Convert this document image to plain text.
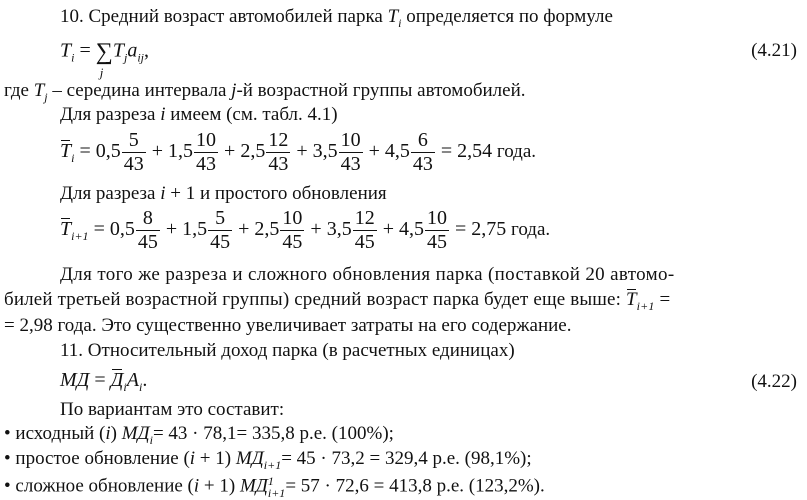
10. Средний возраст автомобилей парка $T_i$ определяется по формуле
$T_i$ = ∑
j
$T_ja_{ij}$,	(4.21)
где $T_j$ – середина интервала j-й возрастной группы автомобилей.
Для разреза i имеем (см. табл. 4.1)
$T_i = 0,5 \frac{5}{43} + 1,5 \frac{10}{43} + 2,5 \frac{12}{43} + 3,5 \frac{10}{43} + 4,5 \frac{6}{43} = 2,54$ года.
Для разреза i + 1 и простого обновления
$T_{i+1} = 0,5 \frac{8}{45} + 1,5 \frac{5}{45} + 2,5 \frac{10}{45} + 3,5 \frac{12}{45} + 4,5 \frac{10}{45} = 2,75$ года.
Для того же разреза и сложного обновления парка (поставкой 20 автомо-
билей третьей возрастной группы) средний возраст парка будет еще выше: $T_{i+1}$ =
= 2,98 года. Это существенно увеличивает затраты на его содержание.
11. Относительный доход парка (в расчетных единицах)
МД = $Д_iA_i$.	(4.22)
По вариантам это составит:
• исходный (i) $МД_i= 43 \cdot 78,1= 335,8$ р.е. (100%);
• простое обновление (i + 1) $МД_{i+1}= 45 \cdot 73,2 = 329,4$ р.е. (98,1%);
• сложное обновление (i + 1) МД 1
i+1 = 57 · 72,6 = 413,8 р.е. (123,2%).
